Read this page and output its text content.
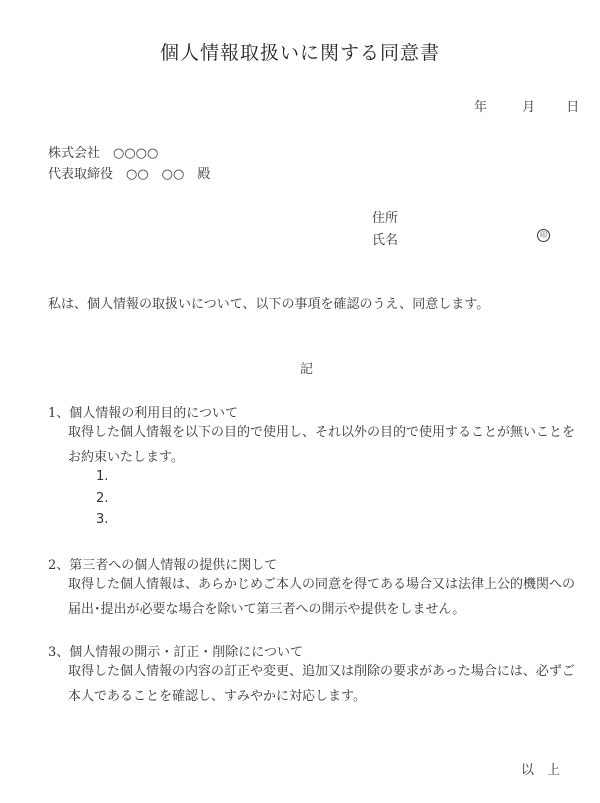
個人情報取扱いに関する同意書
年	月 日
株式会社　○○○○
代表取締役　○○　○○　殿
住所
氏名	印
私は、個人情報の取扱いについて、以下の事項を確認のうえ、同意します。
記
1、個人情報の利用目的について
取得した個人情報を以下の目的で使用し、それ以外の目的で使用することが無いことを
お約束いたします。
1.
2.
3.
2、第三者への個人情報の提供に関して
取得した個人情報は、あらかじめご本人の同意を得てある場合又は法律上公的機関への
届出･提出が必要な場合を除いて第三者への開示や提供をしません。
3、個人情報の開示・訂正・削除にについて
取得した個人情報の内容の訂正や変更、追加又は削除の要求があった場合には、必ずご
本人であることを確認し、すみやかに対応します。
以　上
